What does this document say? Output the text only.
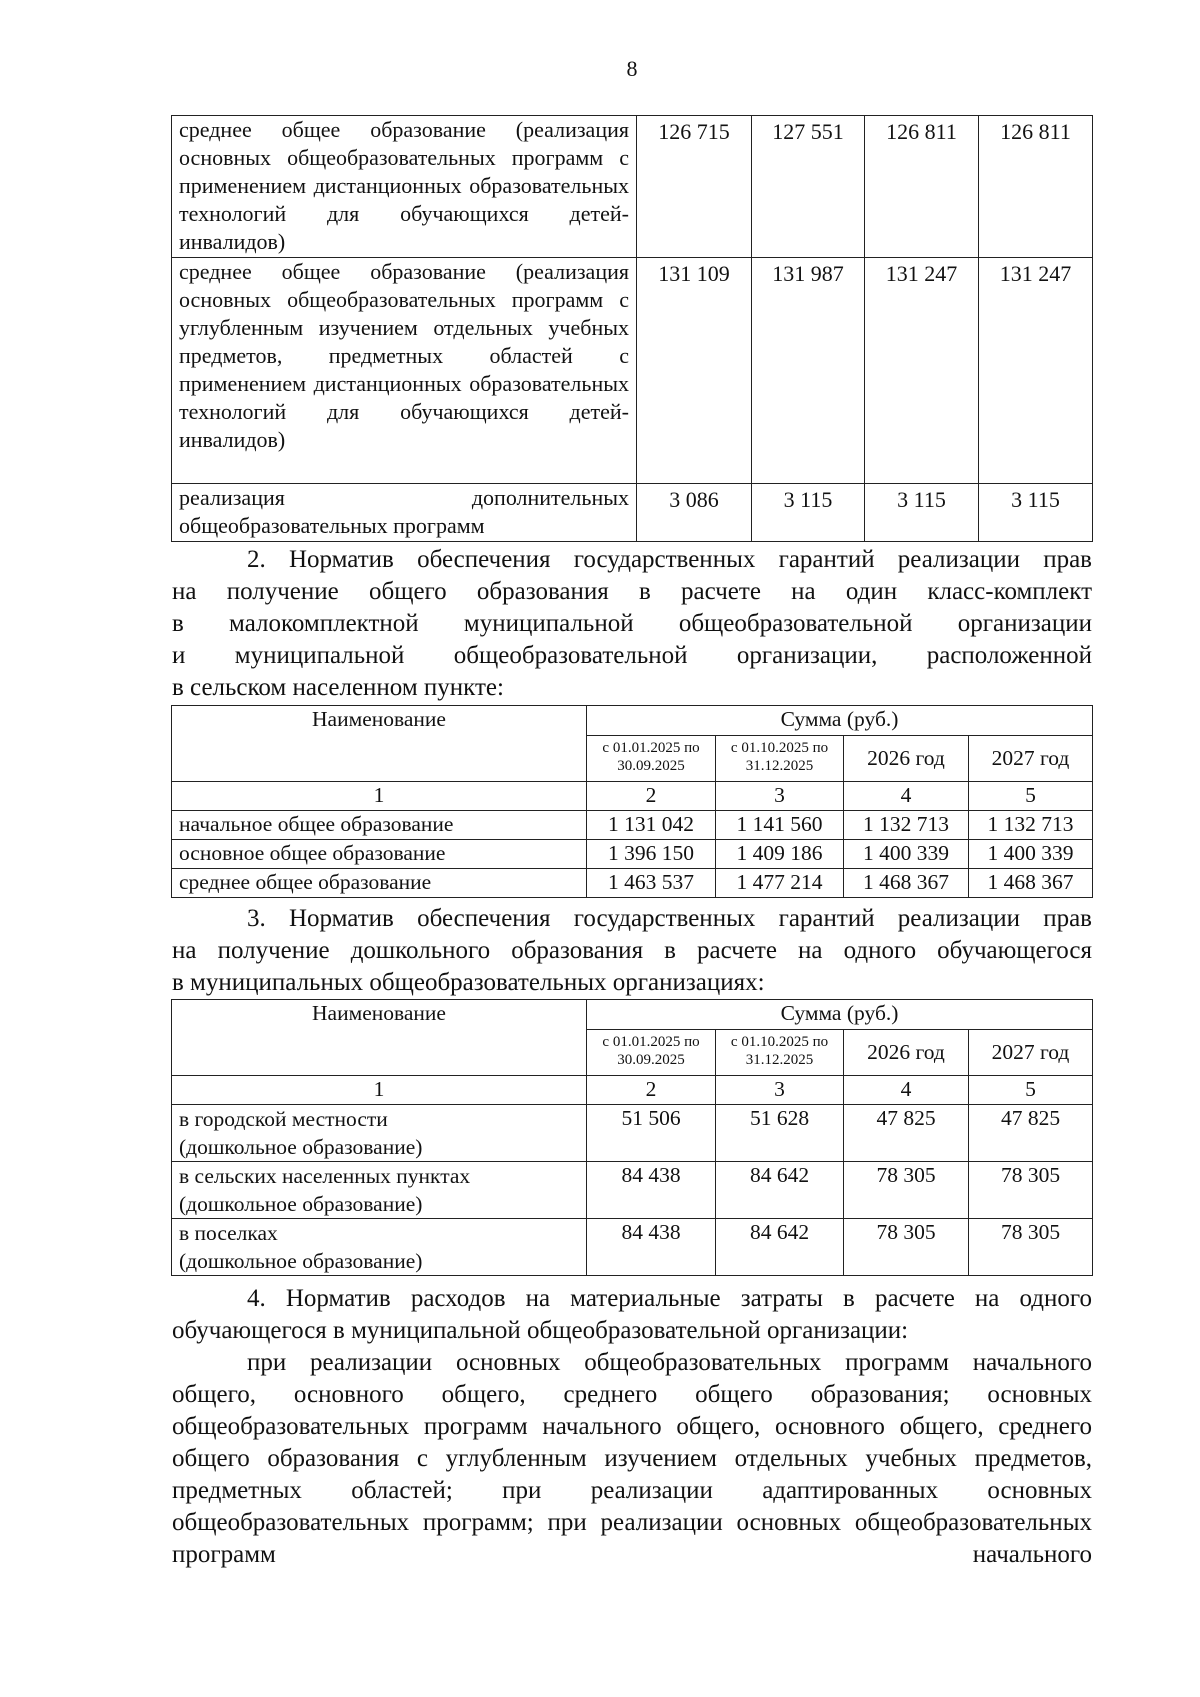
8
среднее общее образование (реализация основных общеобразовательных программ с применением дистанционных образовательных технологий для обучающихся детей-инвалидов)	126 715	127 551	126 811	126 811
среднее общее образование (реализация основных общеобразовательных программ с углубленным изучением отдельных учебных предметов, предметных областей с применением дистанционных образовательных технологий для обучающихся детей-инвалидов)	131 109	131 987	131 247	131 247
реализация дополнительных общеобразовательных программ	3 086	3 115	3 115	3 115

2. Норматив обеспечения государственных гарантий реализации прав

на получение общего образования в расчете на один класс-комплект

в малокомплектной муниципальной общеобразовательной организации

и муниципальной общеобразовательной организации, расположенной

в сельском населенном пункте:

Наименование	Сумма (руб.)			
	с 01.01.2025 по 30.09.2025	с 01.10.2025 по 31.12.2025	2026 год	2027 год
1	2	3	4	5
начальное общее образование	1 131 042	1 141 560	1 132 713	1 132 713
основное общее образование	1 396 150	1 409 186	1 400 339	1 400 339
среднее общее образование	1 463 537	1 477 214	1 468 367	1 468 367

3. Норматив обеспечения государственных гарантий реализации прав

на получение дошкольного образования в расчете на одного обучающегося

в муниципальных общеобразовательных организациях:

Наименование	Сумма (руб.)			
	с 01.01.2025 по 30.09.2025	с 01.10.2025 по 31.12.2025	2026 год	2027 год
1	2	3	4	5
в городской местности
(дошкольное образование)	51 506	51 628	47 825	47 825
в сельских населенных пунктах
(дошкольное образование)	84 438	84 642	78 305	78 305
в поселках
(дошкольное образование)	84 438	84 642	78 305	78 305

4. Норматив расходов на материальные затраты в расчете на одного

обучающегося в муниципальной общеобразовательной организации:

при реализации основных общеобразовательных программ начального общего, основного общего, среднего общего образования; основных общеобразовательных программ начального общего, основного общего, среднего общего образования с углубленным изучением отдельных учебных предметов, предметных областей; при реализации адаптированных основных общеобразовательных программ; при реализации основных общеобразовательных программ начального
